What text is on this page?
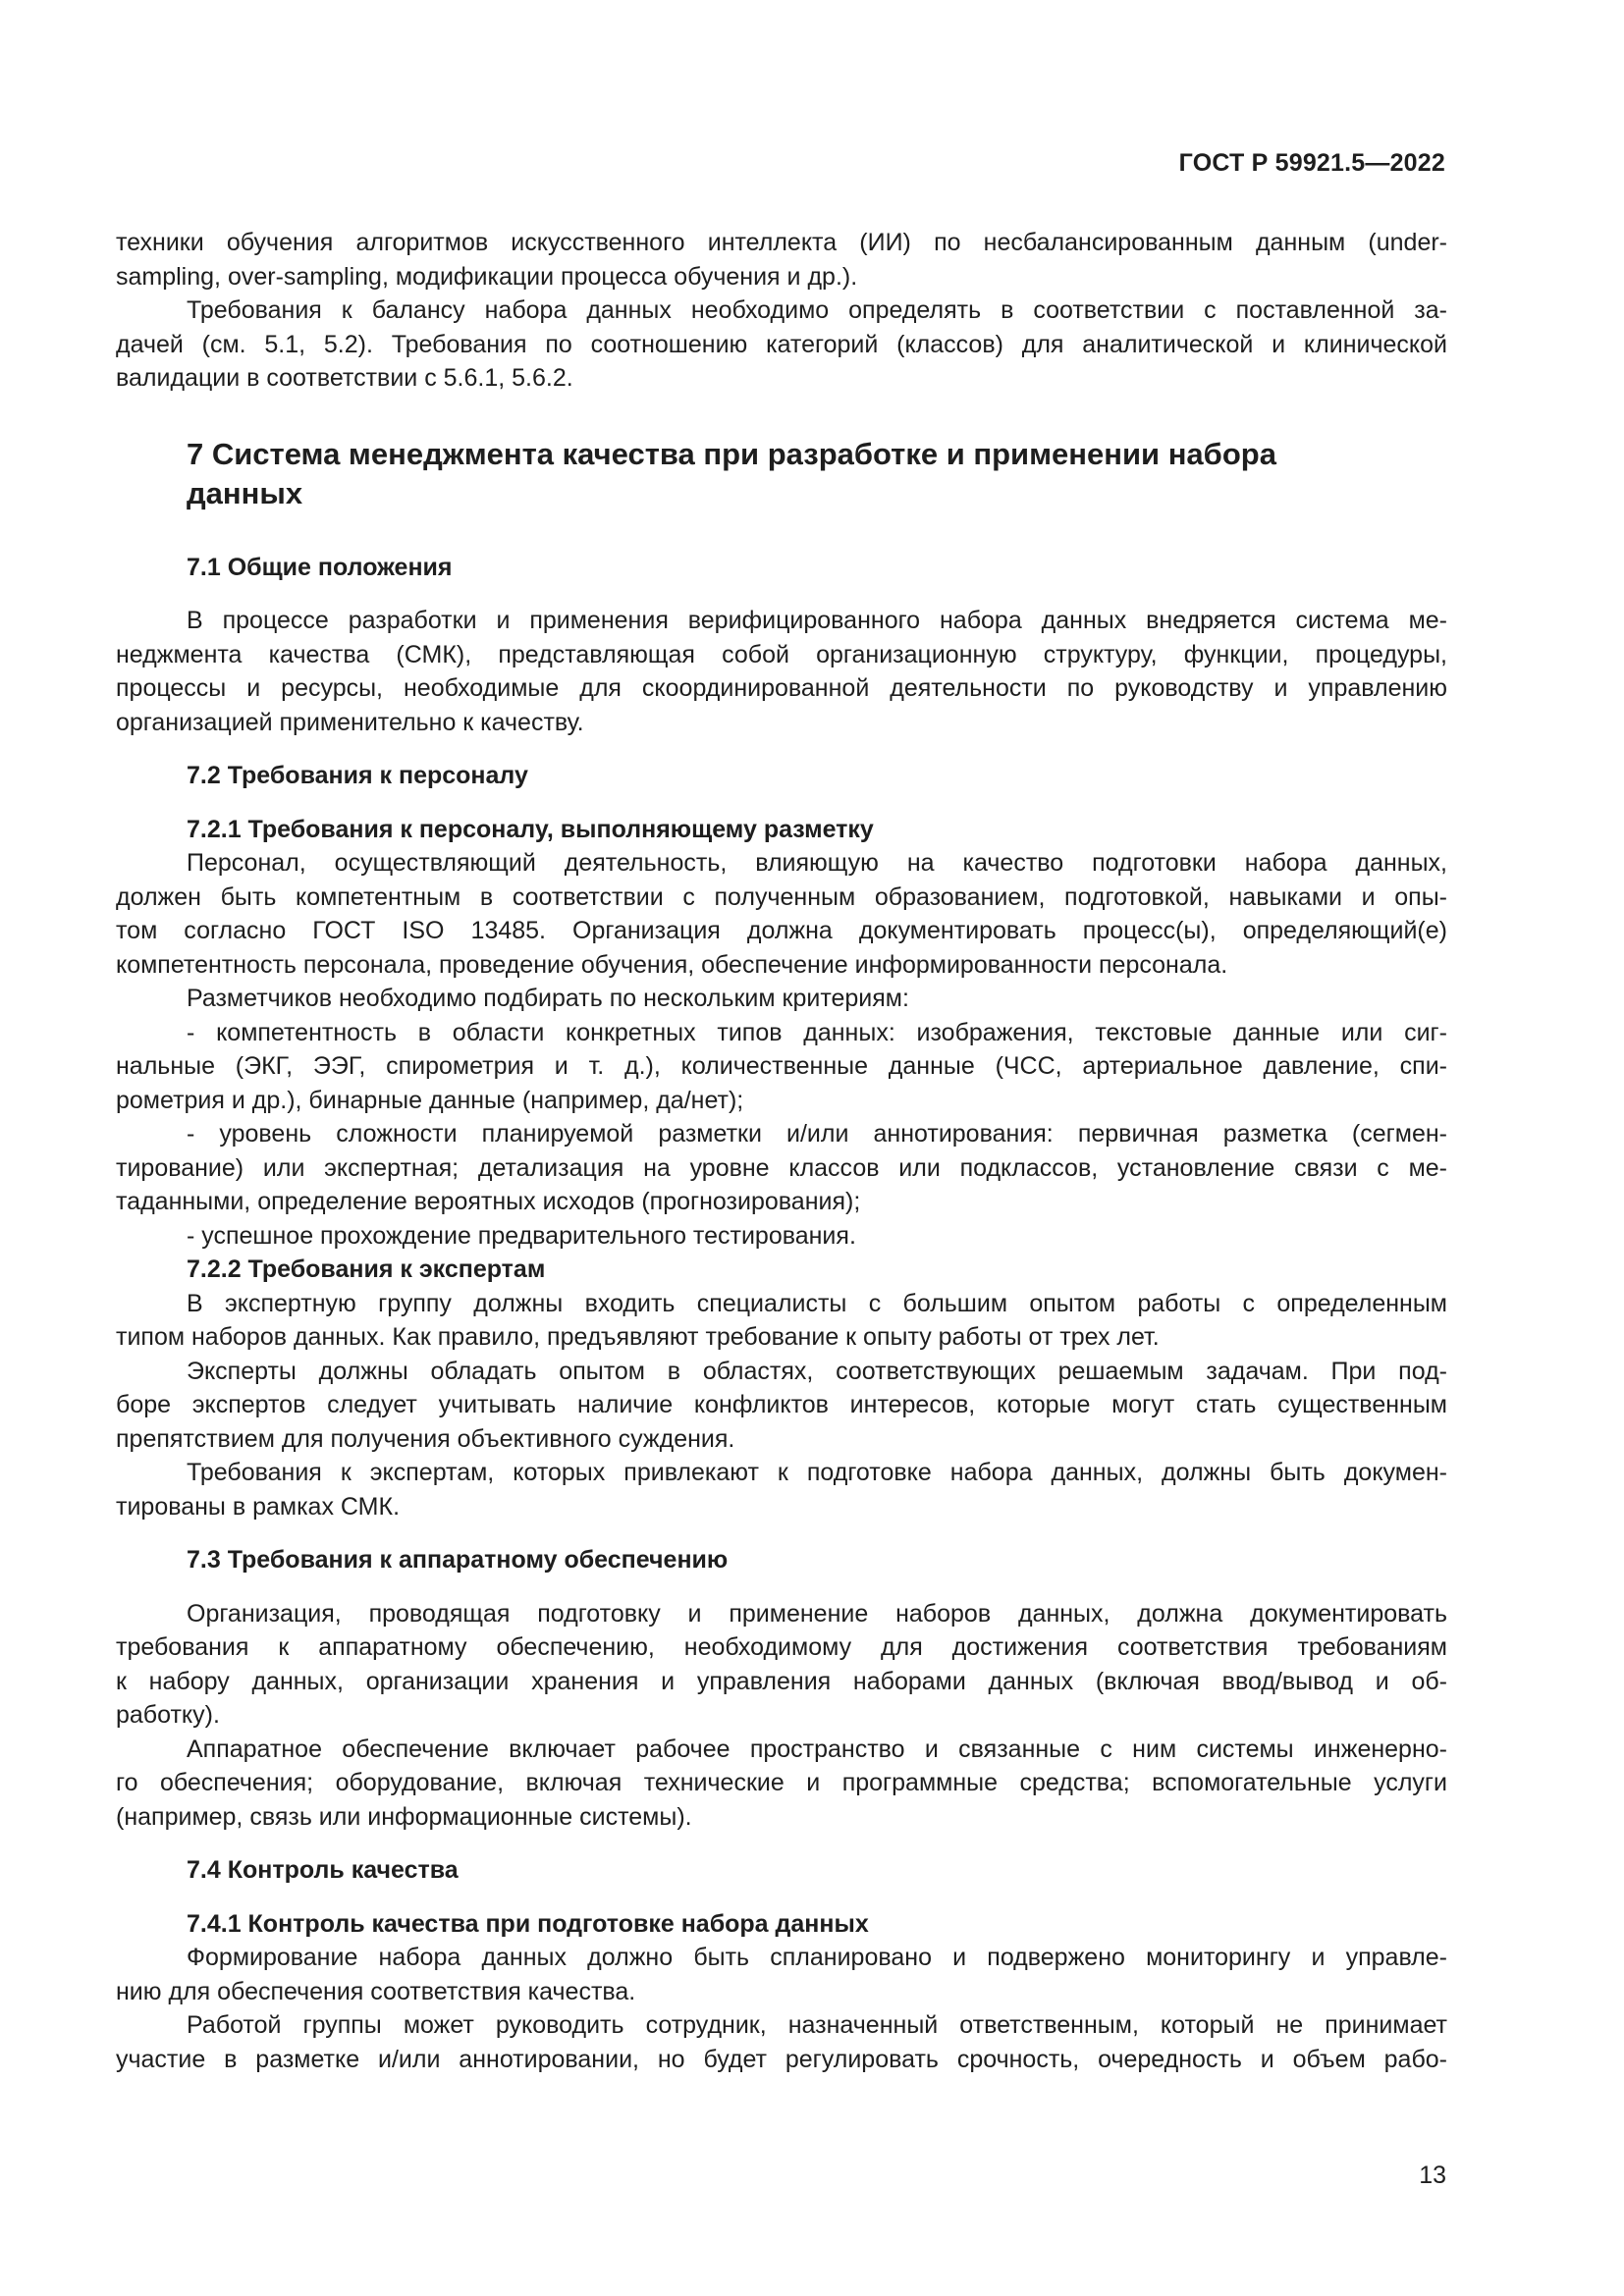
ГОСТ Р 59921.5—2022

техники обучения алгоритмов искусственного интеллекта (ИИ) по несбалансированным данным (under-
sampling, over-sampling, модификации процесса обучения и др.).

Требования к балансу набора данных необходимо определять в соответствии с поставленной за-
дачей (см. 5.1, 5.2). Требования по соотношению категорий (классов) для аналитической и клинической
валидации в соответствии с 5.6.1, 5.6.2.

7 Система менеджмента качества при разработке и применении набора
данных
7.1 Общие положения

В процессе разработки и применения верифицированного набора данных внедряется система ме-
неджмента качества (СМК), представляющая собой организационную структуру, функции, процедуры,
процессы и ресурсы, необходимые для скоординированной деятельности по руководству и управлению
организацией применительно к качеству.

7.2 Требования к персоналу
7.2.1 Требования к персоналу, выполняющему разметку

Персонал, осуществляющий деятельность, влияющую на качество подготовки набора данных,
должен быть компетентным в соответствии с полученным образованием, подготовкой, навыками и опы-
том согласно ГОСТ ISO 13485. Организация должна документировать процесс(ы), определяющий(е)
компетентность персонала, проведение обучения, обеспечение информированности персонала.

Разметчиков необходимо подбирать по нескольким критериям:

- компетентность в области конкретных типов данных: изображения, текстовые данные или сиг-
нальные (ЭКГ, ЭЭГ, спирометрия и т. д.), количественные данные (ЧСС, артериальное давление, спи-
рометрия и др.), бинарные данные (например, да/нет);

- уровень сложности планируемой разметки и/или аннотирования: первичная разметка (сегмен-
тирование) или экспертная; детализация на уровне классов или подклассов, установление связи с ме-
таданными, определение вероятных исходов (прогнозирования);

- успешное прохождение предварительного тестирования.

7.2.2 Требования к экспертам

В экспертную группу должны входить специалисты с большим опытом работы с определенным
типом наборов данных. Как правило, предъявляют требование к опыту работы от трех лет.

Эксперты должны обладать опытом в областях, соответствующих решаемым задачам. При под-
боре экспертов следует учитывать наличие конфликтов интересов, которые могут стать существенным
препятствием для получения объективного суждения.

Требования к экспертам, которых привлекают к подготовке набора данных, должны быть докумен-
тированы в рамках СМК.

7.3 Требования к аппаратному обеспечению

Организация, проводящая подготовку и применение наборов данных, должна документировать
требования к аппаратному обеспечению, необходимому для достижения соответствия требованиям
к набору данных, организации хранения и управления наборами данных (включая ввод/вывод и об-
работку).

Аппаратное обеспечение включает рабочее пространство и связанные с ним системы инженерно-
го обеспечения; оборудование, включая технические и программные средства; вспомогательные услуги
(например, связь или информационные системы).

7.4 Контроль качества
7.4.1 Контроль качества при подготовке набора данных

Формирование набора данных должно быть спланировано и подвержено мониторингу и управле-
нию для обеспечения соответствия качества.

Работой группы может руководить сотрудник, назначенный ответственным, который не принимает
участие в разметке и/или аннотировании, но будет регулировать срочность, очередность и объем рабо-

13
